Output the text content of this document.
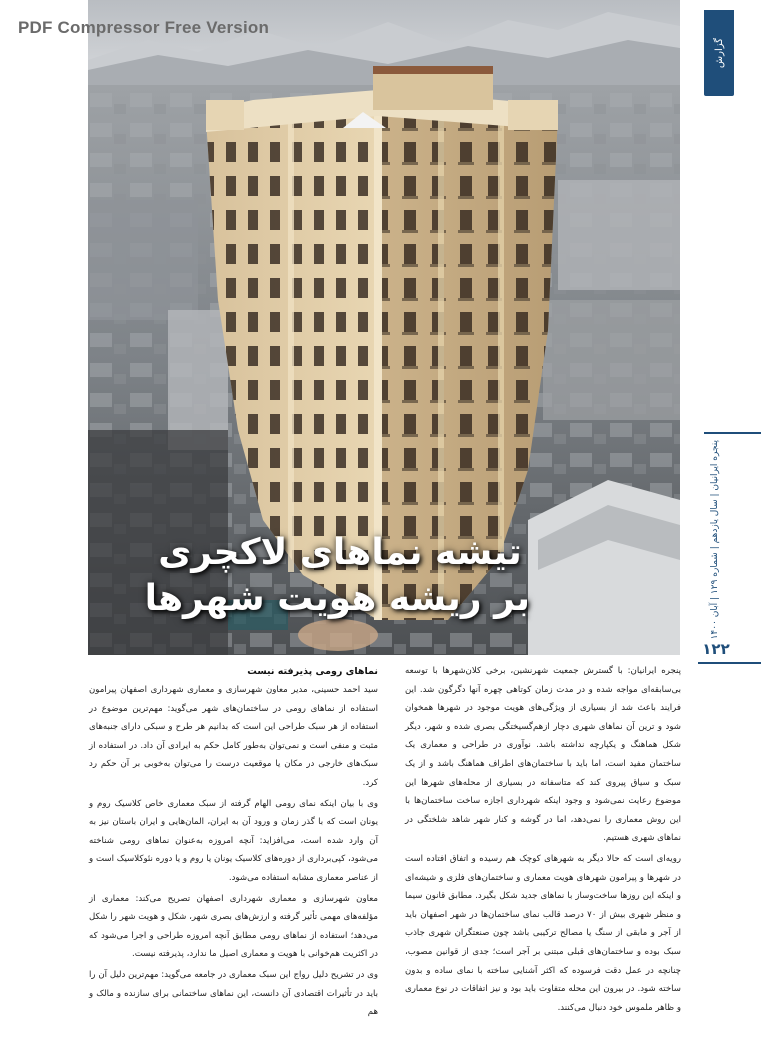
PDF Compressor Free Version
تیشه نماهای لاکچری
بر ریشه هویت شهرها
گزارش
پنجره ایرانیان | سال یازدهم | شماره ۱۲۹ | آبان ۱۴۰۰
۱۲۲

پنجره ایرانیان: با گسترش جمعیت شهرنشین، برخی کلان‌شهرها با توسعه بی‌سابقه‌ای مواجه شده و در مدت زمان کوتاهی چهره آنها دگرگون شد. این فرایند باعث شد از بسیاری از ویژگی‌های هویت موجود در شهرها همخوان شود و ترین آن نماهای شهری دچار ازهم‌گسیختگی بصری شده و شهر، دیگر شکل هماهنگ و یکپارچه نداشته باشد. نوآوری در طراحی و معماری یک ساختمان مفید است، اما باید با ساختمان‌های اطراف هماهنگ باشد و از یک سبک و سیاق پیروی کند که متاسفانه در بسیاری از محله‌های شهرها این موضوع رعایت نمی‌شود و وجود اینکه شهرداری اجازه ساخت ساختمان‌ها با این روش معماری را نمی‌دهد، اما در گوشه و کنار شهر شاهد شلختگی در نماهای شهری هستیم.

رویه‌ای است که حالا دیگر به شهرهای کوچک هم رسیده و اتفاق افتاده است در شهرها و پیرامون شهرهای هویت معماری و ساختمان‌های فلزی و شیشه‌ای و اینکه این روزها ساخت‌وساز با نماهای جدید شکل بگیرد. مطابق قانون سیما و منظر شهری بیش از ۷۰ درصد قالب نمای ساختمان‌ها در شهر اصفهان باید از آجر و مابقی از سنگ یا مصالح ترکیبی باشد چون صنعتگران شهری جاذب سبک بوده و ساختمان‌های قبلی مبتنی بر آجر است؛ جدی از قوانین مصوب، چنانچه در عمل دقت فرسوده که اکثر آشنایی ساخته با نمای ساده و بدون ساخته شود. در بیرون این محله متفاوت باید بود و نیز اتفاقات در نوع معماری و ظاهر ملموس خود دنبال می‌کنند.

نماهای رومی پذیرفته نیست

سید احمد حسینی، مدیر معاون شهرسازی و معماری شهرداری اصفهان پیرامون استفاده از نماهای رومی در ساختمان‌های شهر می‌گوید: مهم‌ترین موضوع در استفاده از هر سبک طراحی این است که بدانیم هر طرح و سبکی دارای جنبه‌های مثبت و منفی است و نمی‌توان به‌طور کامل حکم به ایرادی آن داد. در استفاده از سبک‌های خارجی در مکان یا موقعیت درست را می‌توان به‌خوبی بر آن حکم رد کرد.

وی با بیان اینکه نمای رومی الهام گرفته از سبک معماری خاص کلاسیک روم و یونان است که با گذر زمان و ورود آن به ایران، المان‌هایی و ایران باستان نیز به آن وارد شده است، می‌افزاید: آنچه امروزه به‌عنوان نماهای رومی شناخته می‌شود، کپی‌برداری از دوره‌های کلاسیک یونان یا روم و یا دوره نئوکلاسیک است و از عناصر معماری مشابه استفاده می‌شود.

معاون شهرسازی و معماری شهرداری اصفهان تصریح می‌کند: معماری از مؤلفه‌های مهمی تأثیر گرفته و ارزش‌های بصری شهر، شکل و هویت شهر را شکل می‌دهد؛ استفاده از نماهای رومی مطابق آنچه امروزه طراحی و اجرا می‌شود که در اکثریت هم‌خوانی با هویت و معماری اصیل ما ندارد، پذیرفته نیست.

وی در تشریح دلیل رواج این سبک معماری در جامعه می‌گوید: مهم‌ترین دلیل آن را باید در تأثیرات اقتصادی آن دانست، این نماهای ساختمانی برای سازنده و مالک و هم
